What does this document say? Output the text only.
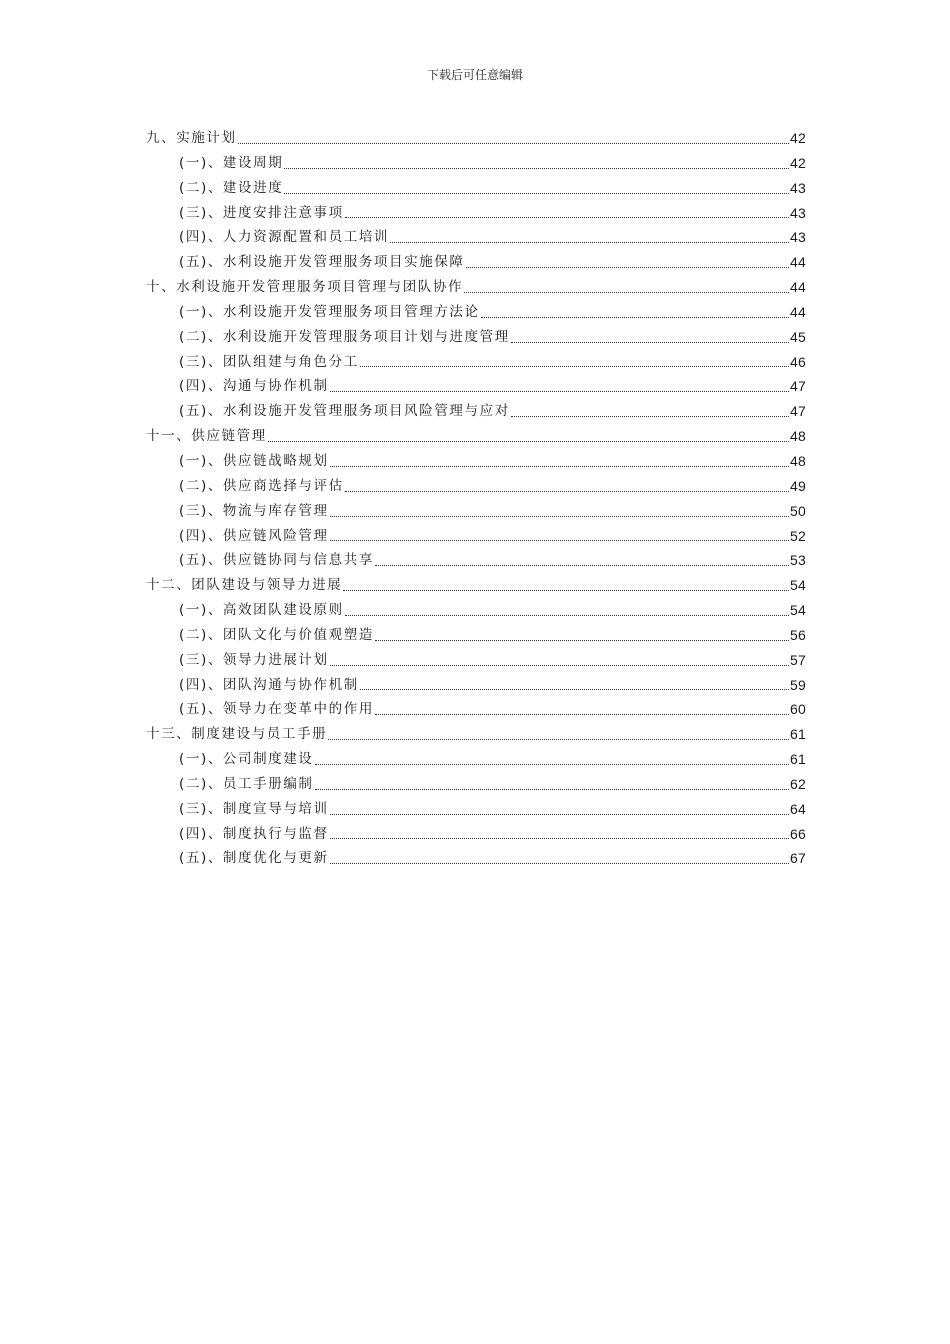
下载后可任意编辑
九、实施计划	42
(一)、建设周期	42
(二)、建设进度	43
(三)、进度安排注意事项	43
(四)、人力资源配置和员工培训	43
(五)、水利设施开发管理服务项目实施保障	44
十、水利设施开发管理服务项目管理与团队协作	44
(一)、水利设施开发管理服务项目管理方法论	44
(二)、水利设施开发管理服务项目计划与进度管理	45
(三)、团队组建与角色分工	46
(四)、沟通与协作机制	47
(五)、水利设施开发管理服务项目风险管理与应对	47
十一、供应链管理	48
(一)、供应链战略规划	48
(二)、供应商选择与评估	49
(三)、物流与库存管理	50
(四)、供应链风险管理	52
(五)、供应链协同与信息共享	53
十二、团队建设与领导力进展	54
(一)、高效团队建设原则	54
(二)、团队文化与价值观塑造	56
(三)、领导力进展计划	57
(四)、团队沟通与协作机制	59
(五)、领导力在变革中的作用	60
十三、制度建设与员工手册	61
(一)、公司制度建设	61
(二)、员工手册编制	62
(三)、制度宣导与培训	64
(四)、制度执行与监督	66
(五)、制度优化与更新	67
